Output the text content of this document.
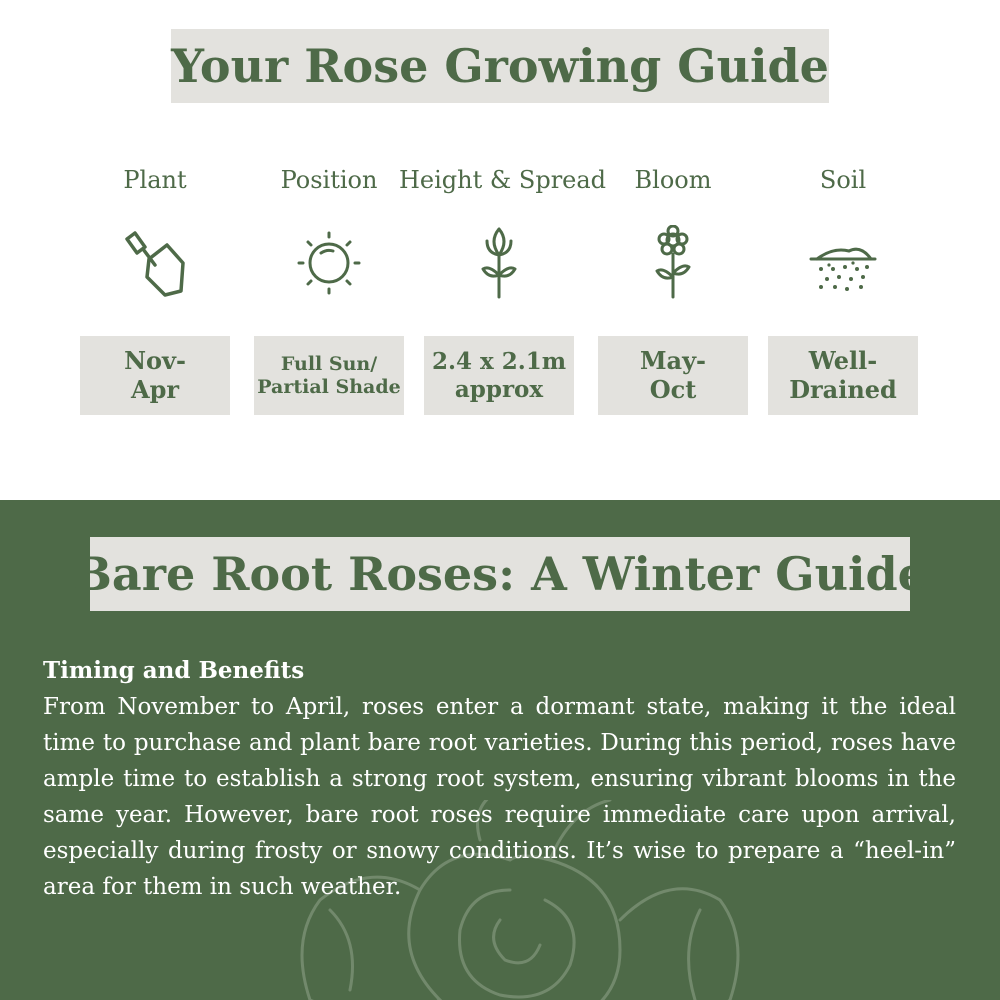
Your Rose Growing Guide
Plant
Nov-
Apr
Position
Full Sun/
Partial Shade
Height & Spread
2.4 x 2.1m
approx
Bloom
May-
Oct
Soil
Well-
Drained
Bare Root Roses: A Winter Guide
Timing and Benefits
From November to April, roses enter a dormant state, making it the ideal time to purchase and plant bare root varieties. During this period, roses have ample time to establish a strong root system, ensuring vibrant blooms in the same year. However, bare root roses require immediate care upon arrival, especially during frosty or snowy conditions. It’s wise to prepare a “heel-in” area for them in such weather.
